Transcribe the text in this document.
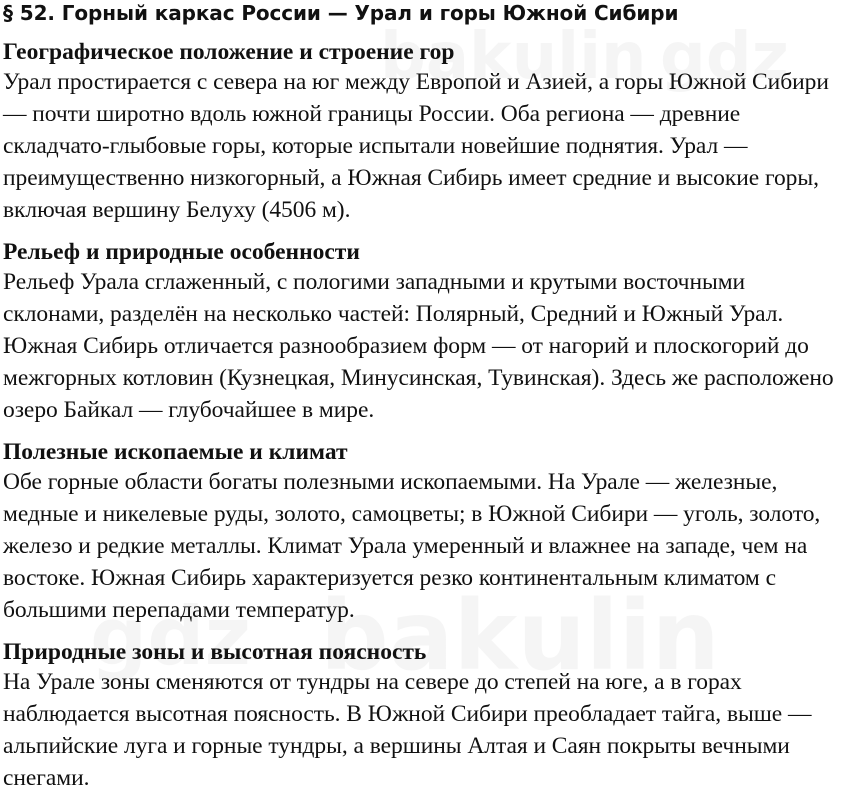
§ 52. Горный каркас России — Урал и горы Южной Сибири
Географическое положение и строение гор

Урал простирается с севера на юг между Европой и Азией, а горы Южной Сибири — почти широтно вдоль южной границы России. Оба региона — древние складчато-глыбовые горы, которые испытали новейшие поднятия. Урал — преимущественно низкогорный, а Южная Сибирь имеет средние и высокие горы, включая вершину Белуху (4506 м).

Рельеф и природные особенности

Рельеф Урала сглаженный, с пологими западными и крутыми восточными склонами, разделён на несколько частей: Полярный, Средний и Южный Урал. Южная Сибирь отличается разнообразием форм — от нагорий и плоскогорий до межгорных котловин (Кузнецкая, Минусинская, Тувинская). Здесь же расположено озеро Байкал — глубочайшее в мире.

Полезные ископаемые и климат

Обе горные области богаты полезными ископаемыми. На Урале — железные, медные и никелевые руды, золото, самоцветы; в Южной Сибири — уголь, золото, железо и редкие металлы. Климат Урала умеренный и влажнее на западе, чем на востоке. Южная Сибирь характеризуется резко континентальным климатом с большими перепадами температур.

Природные зоны и высотная поясность

На Урале зоны сменяются от тундры на севере до степей на юге, а в горах наблюдается высотная поясность. В Южной Сибири преобладает тайга, выше — альпийские луга и горные тундры, а вершины Алтая и Саян покрыты вечными снегами.
